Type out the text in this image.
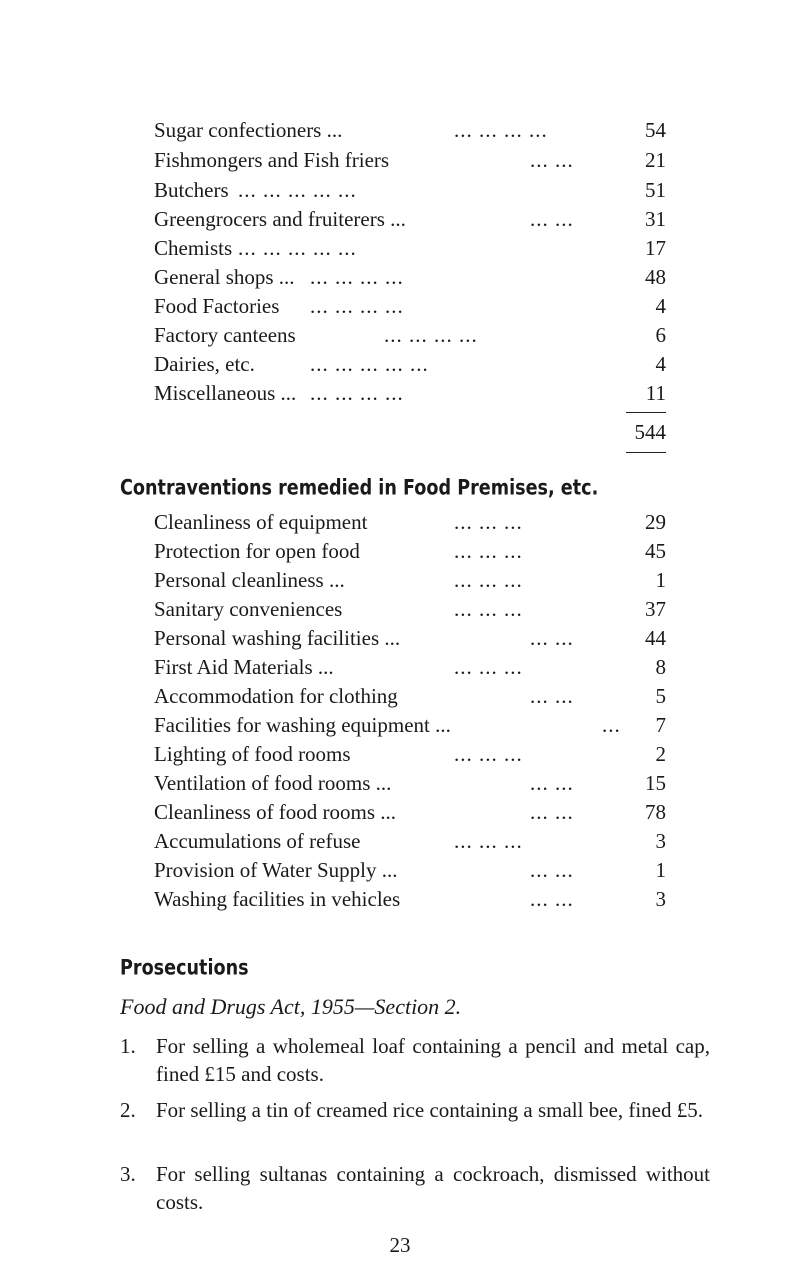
Sugar confectioners ...	... ... ... ...	54
Fishmongers and Fish friers	... ...	21
Butchers ... ... ... ... ...	51
Greengrocers and fruiterers ...	... ...	31
Chemists ... ... ... ... ...	17
General shops ... ... ... ... ...	48
Food Factories ... ... ... ...	4
Factory canteens	... ... ... ...	6
Dairies, etc.	... ... ... ... ...	4
Miscellaneous ... ... ... ... ...	11
544
Contraventions remedied in Food Premises, etc.
Cleanliness of equipment	... ... ...	29
Protection for open food	... ... ...	45
Personal cleanliness ...	... ... ...	1
Sanitary conveniences	... ... ...	37
Personal washing facilities ...	... ...	44
First Aid Materials ...	... ... ...	8
Accommodation for clothing	... ...	5
Facilities for washing equipment ...	... 7
Lighting of food rooms	... ... ...	2
Ventilation of food rooms ...	... ...	15
Cleanliness of food rooms ...	... ...	78
Accumulations of refuse	... ... ...	3
Provision of Water Supply ...	... ...	1
Washing facilities in vehicles	... ...	3
Prosecutions
Food and Drugs Act, 1955—Section 2.
1. For selling a wholemeal loaf containing a pencil and metal cap, fined £15 and costs.
2. For selling a tin of creamed rice containing a small bee, fined £5.
3. For selling sultanas containing a cockroach, dismissed without costs.
23
